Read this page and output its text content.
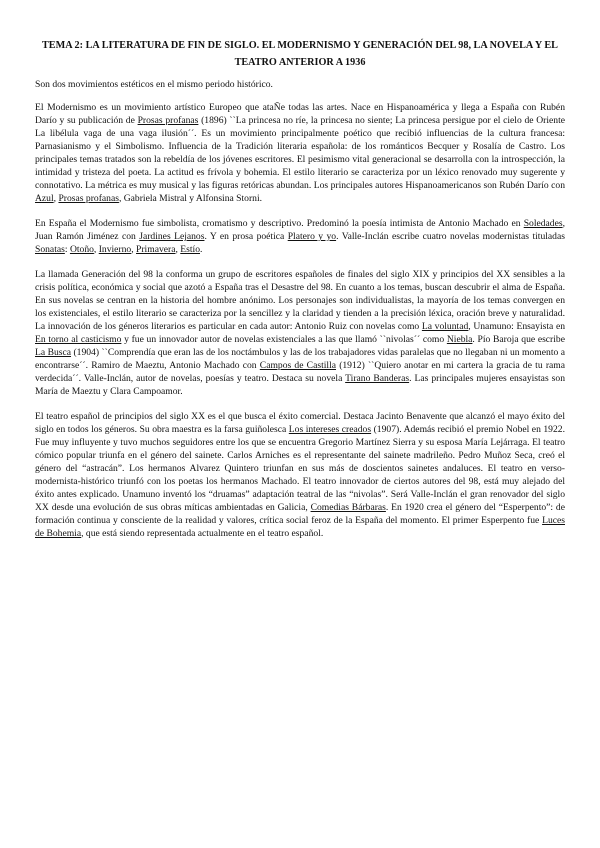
TEMA 2: LA LITERATURA DE FIN DE SIGLO. EL MODERNISMO Y GENERACIÓN DEL 98, LA NOVELA Y EL TEATRO ANTERIOR A 1936

Son dos movimientos estéticos en el mismo periodo histórico.

El Modernismo es un movimiento artístico Europeo que ataÑe todas las artes. Nace en Hispanoamérica y llega a España con Rubén Darío y su publicación de Prosas profanas (1896) ``La princesa no ríe, la princesa no siente; La princesa persigue por el cielo de Oriente La libélula vaga de una vaga ilusión´´. Es un movimiento principalmente poético que recibió influencias de la cultura francesa: Parnasianismo y el Simbolismo. Influencia de la Tradición literaria española: de los románticos Becquer y Rosalía de Castro. Los principales temas tratados son la rebeldía de los jóvenes escritores. El pesimismo vital generacional se desarrolla con la introspección, la intimidad y tristeza del poeta. La actitud es frívola y bohemia. El estilo literario se caracteriza por un léxico renovado muy sugerente y connotativo. La métrica es muy musical y las figuras retóricas abundan. Los principales autores Hispanoamericanos son Rubén Darío con Azul, Prosas profanas, Gabriela Mistral y Alfonsina Storni.

En España el Modernismo fue simbolista, cromatismo y descriptivo. Predominó la poesía intimista de Antonio Machado en Soledades, Juan Ramón Jiménez con Jardines Lejanos. Y en prosa poética Platero y yo. Valle-Inclán escribe cuatro novelas modernistas tituladas Sonatas: Otoño, Invierno, Primavera, Estío.

La llamada Generación del 98 la conforma un grupo de escritores españoles de finales del siglo XIX y principios del XX sensibles a la crisis política, económica y social que azotó a España tras el Desastre del 98. En cuanto a los temas, buscan descubrir el alma de España. En sus novelas se centran en la historia del hombre anónimo. Los personajes son individualistas, la mayoría de los temas convergen en los existenciales, el estilo literario se caracteriza por la sencillez y la claridad y tienden a la precisión léxica, oración breve y naturalidad. La innovación de los géneros literarios es particular en cada autor: Antonio Ruiz con novelas como La voluntad, Unamuno: Ensayista en En torno al casticismo y fue un innovador autor de novelas existenciales a las que llamó ``nivolas´´ como Niebla. Pío Baroja que escribe La Busca (1904) ``Comprendía que eran las de los noctámbulos y las de los trabajadores vidas paralelas que no llegaban ni un momento a encontrarse´´. Ramiro de Maeztu, Antonio Machado con Campos de Castilla (1912) ``Quiero anotar en mi cartera la gracia de tu rama verdecida´´. Valle-Inclán, autor de novelas, poesías y teatro. Destaca su novela Tirano Banderas. Las principales mujeres ensayistas son María de Maeztu y Clara Campoamor.

El teatro español de principios del siglo XX es el que busca el éxito comercial. Destaca Jacinto Benavente que alcanzó el mayo éxito del siglo en todos los géneros. Su obra maestra es la farsa guiñolesca Los intereses creados (1907). Además recibió el premio Nobel en 1922. Fue muy influyente y tuvo muchos seguidores entre los que se encuentra Gregorio Martínez Sierra y su esposa María Lejárraga. El teatro cómico popular triunfa en el género del sainete. Carlos Arniches es el representante del sainete madrileño. Pedro Muñoz Seca, creó el género del “astracán”. Los hermanos Alvarez Quintero triunfan en sus más de doscientos sainetes andaluces. El teatro en verso-modernista-histórico triunfó con los poetas los hermanos Machado. El teatro innovador de ciertos autores del 98, está muy alejado del éxito antes explicado. Unamuno inventó los “druamas” adaptación teatral de las “nivolas”. Será Valle-Inclán el gran renovador del siglo XX desde una evolución de sus obras míticas ambientadas en Galicia, Comedias Bárbaras. En 1920 crea el género del “Esperpento”: de formación continua y consciente de la realidad y valores, crítica social feroz de la España del momento. El primer Esperpento fue Luces de Bohemia, que está siendo representada actualmente en el teatro español.
